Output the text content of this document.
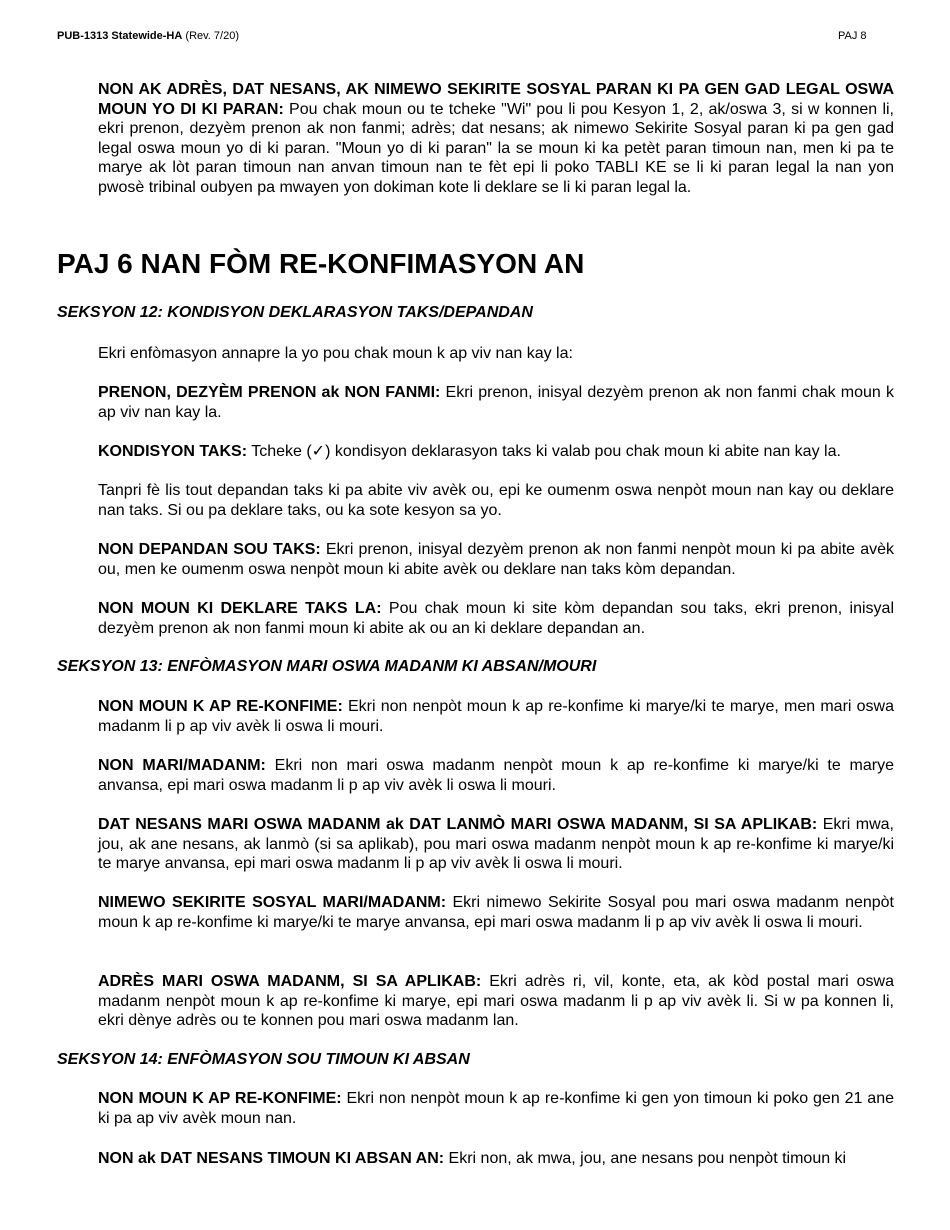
PUB-1313 Statewide-HA (Rev. 7/20)	PAJ 8
NON AK ADRÈS, DAT NESANS, AK NIMEWO SEKIRITE SOSYAL PARAN KI PA GEN GAD LEGAL OSWA MOUN YO DI KI PARAN: Pou chak moun ou te tcheke "Wi" pou li pou Kesyon 1, 2, ak/oswa 3, si w konnen li, ekri prenon, dezyèm prenon ak non fanmi; adrès; dat nesans; ak nimewo Sekirite Sosyal paran ki pa gen gad legal oswa moun yo di ki paran. "Moun yo di ki paran" la se moun ki ka petèt paran timoun nan, men ki pa te marye ak lòt paran timoun nan anvan timoun nan te fèt epi li poko TABLI KE se li ki paran legal la nan yon pwosè tribinal oubyen pa mwayen yon dokiman kote li deklare se li ki paran legal la.
PAJ 6 NAN FÒM RE-KONFIMASYON AN
SEKSYON 12: KONDISYON DEKLARASYON TAKS/DEPANDAN
Ekri enfòmasyon annapre la yo pou chak moun k ap viv nan kay la:
PRENON, DEZYÈM PRENON ak NON FANMI: Ekri prenon, inisyal dezyèm prenon ak non fanmi chak moun k ap viv nan kay la.
KONDISYON TAKS: Tcheke (✓) kondisyon deklarasyon taks ki valab pou chak moun ki abite nan kay la.
Tanpri fè lis tout depandan taks ki pa abite viv avèk ou, epi ke oumenm oswa nenpòt moun nan kay ou deklare nan taks. Si ou pa deklare taks, ou ka sote kesyon sa yo.
NON DEPANDAN SOU TAKS: Ekri prenon, inisyal dezyèm prenon ak non fanmi nenpòt moun ki pa abite avèk ou, men ke oumenm oswa nenpòt moun ki abite avèk ou deklare nan taks kòm depandan.
NON MOUN KI DEKLARE TAKS LA: Pou chak moun ki site kòm depandan sou taks, ekri prenon, inisyal dezyèm prenon ak non fanmi moun ki abite ak ou an ki deklare depandan an.
SEKSYON 13: ENFÒMASYON MARI OSWA MADANM KI ABSAN/MOURI
NON MOUN K AP RE-KONFIME: Ekri non nenpòt moun k ap re-konfime ki marye/ki te marye, men mari oswa madanm li p ap viv avèk li oswa li mouri.
NON MARI/MADANM: Ekri non mari oswa madanm nenpòt moun k ap re-konfime ki marye/ki te marye anvansa, epi mari oswa madanm li p ap viv avèk li oswa li mouri.
DAT NESANS MARI OSWA MADANM ak DAT LANMÒ MARI OSWA MADANM, SI SA APLIKAB: Ekri mwa, jou, ak ane nesans, ak lanmò (si sa aplikab), pou mari oswa madanm nenpòt moun k ap re-konfime ki marye/ki te marye anvansa, epi mari oswa madanm li p ap viv avèk li oswa li mouri.
NIMEWO SEKIRITE SOSYAL MARI/MADANM: Ekri nimewo Sekirite Sosyal pou mari oswa madanm nenpòt moun k ap re-konfime ki marye/ki te marye anvansa, epi mari oswa madanm li p ap viv avèk li oswa li mouri.
ADRÈS MARI OSWA MADANM, SI SA APLIKAB: Ekri adrès ri, vil, konte, eta, ak kòd postal mari oswa madanm nenpòt moun k ap re-konfime ki marye, epi mari oswa madanm li p ap viv avèk li. Si w pa konnen li, ekri dènye adrès ou te konnen pou mari oswa madanm lan.
SEKSYON 14: ENFÒMASYON SOU TIMOUN KI ABSAN
NON MOUN K AP RE-KONFIME: Ekri non nenpòt moun k ap re-konfime ki gen yon timoun ki poko gen 21 ane ki pa ap viv avèk moun nan.
NON ak DAT NESANS TIMOUN KI ABSAN AN: Ekri non, ak mwa, jou, ane nesans pou nenpòt timoun ki
